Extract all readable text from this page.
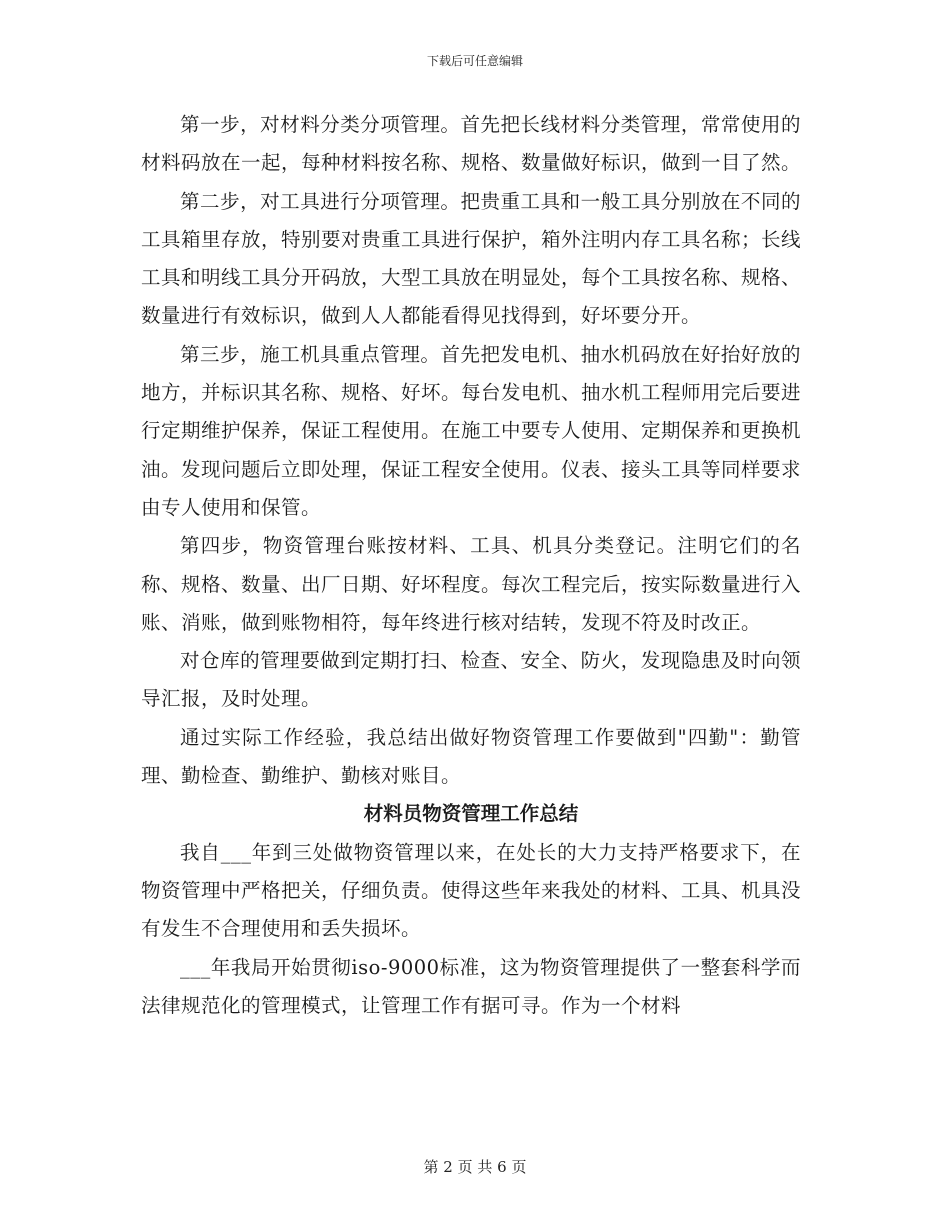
下载后可任意编辑

第一步，对材料分类分项管理。首先把长线材料分类管理，常常使用的材料码放在一起，每种材料按名称、规格、数量做好标识，做到一目了然。

第二步，对工具进行分项管理。把贵重工具和一般工具分别放在不同的工具箱里存放，特别要对贵重工具进行保护，箱外注明内存工具名称；长线工具和明线工具分开码放，大型工具放在明显处，每个工具按名称、规格、数量进行有效标识，做到人人都能看得见找得到，好坏要分开。

第三步，施工机具重点管理。首先把发电机、抽水机码放在好抬好放的地方，并标识其名称、规格、好坏。每台发电机、抽水机工程师用完后要进行定期维护保养，保证工程使用。在施工中要专人使用、定期保养和更换机油。发现问题后立即处理，保证工程安全使用。仪表、接头工具等同样要求由专人使用和保管。

第四步，物资管理台账按材料、工具、机具分类登记。注明它们的名称、规格、数量、出厂日期、好坏程度。每次工程完后，按实际数量进行入账、消账，做到账物相符，每年终进行核对结转，发现不符及时改正。

对仓库的管理要做到定期打扫、检查、安全、防火，发现隐患及时向领导汇报，及时处理。

通过实际工作经验，我总结出做好物资管理工作要做到"四勤"：勤管理、勤检查、勤维护、勤核对账目。

材料员物资管理工作总结

我自___年到三处做物资管理以来，在处长的大力支持严格要求下，在物资管理中严格把关，仔细负责。使得这些年来我处的材料、工具、机具没有发生不合理使用和丢失损坏。

___年我局开始贯彻iso-9000标准，这为物资管理提供了一整套科学而法律规范化的管理模式，让管理工作有据可寻。作为一个材料

第 2 页 共 6 页
